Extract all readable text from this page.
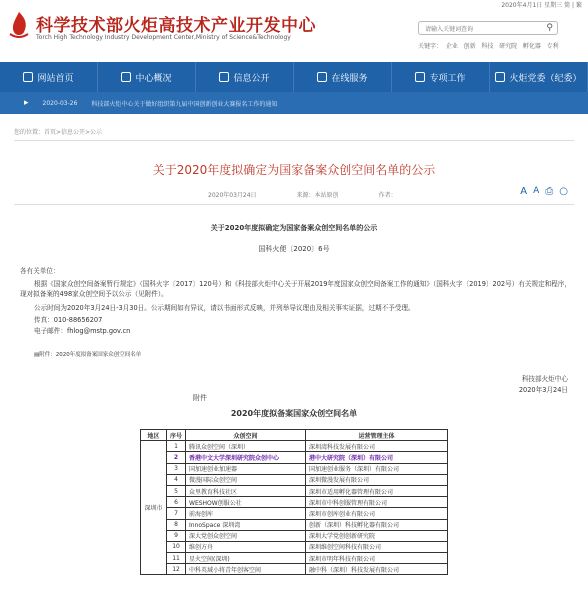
2020年4月1日 星期三 简 | 繁
科学技术部火炬高技术产业开发中心
Torch High Technology Industry Development Center,Ministry of Science&Technology
请输入关键词查询	⚲
关键字： 企业 创新 科技 研究院 孵化器 专利
网站首页	中心概况	信息公开	在线服务	专项工作	火炬党委（纪委）
▸ 2020-03-26 科技部火炬中心关于做好组织第九届中国创新创业大赛报名工作的通知
您的位置：首页>信息公开>公示
关于2020年度拟确定为国家备案众创空间名单的公示
2020年03月24日	来源：本站原创	作者：	A A ⎙ ○
关于2020年度拟确定为国家备案众创空间名单的公示
国科火便〔2020〕6号
各有关单位：
根据《国家众创空间备案暂行规定》（国科火字〔2017〕120号）和《科技部火炬中心关于开展2019年度国家众创空间备案工作的通知》（国科火字〔2019〕202号）有关规定和程序，现对拟备案的498家众创空间予以公示（见附件）。
公示时间为2020年3月24日-3月30日。公示期间如有异议，请以书面形式反映，并列举导议理由及相关事实证据，过期不予受理。
传真：010-88656207
电子邮件：fhlog@mstp.gov.cn
▤附件：2020年度拟备案国家众创空间名单
科技部火炬中心
2020年3月24日
附件
2020年度拟备案国家众创空间名单
地区	序号	众创空间	运营管理主体
深圳市	1	腾讯众创空间（深圳）	深圳湾科技发展有限公司
	2	香港中文大学深圳研究院众创中心	港中大研究院（深圳）有限公司
	3	国加速创业加速器	国加速创业服务（深圳）有限公司
	4	微漫国际众创空间	深圳微漫发展有限公司
	5	众里教育科技社区	深圳市适用孵化器管理有限公司
	6	WESHOW创服公社	深圳市中科创服管理有限公司
	7	前海创库	深圳市创库创业有限公司
	8	InnoSpace 深圳湾	创新（深圳）科技孵化器有限公司
	9	深大党创众创空间	深圳大学党创创新研究院
	10	维创方舟	深圳维创空间科技有限公司
	11	星火空间(深圳)	深圳市明年科技有限公司
	12	中科英域小将青年创客空间	融中科（深圳）科技发展有限公司
